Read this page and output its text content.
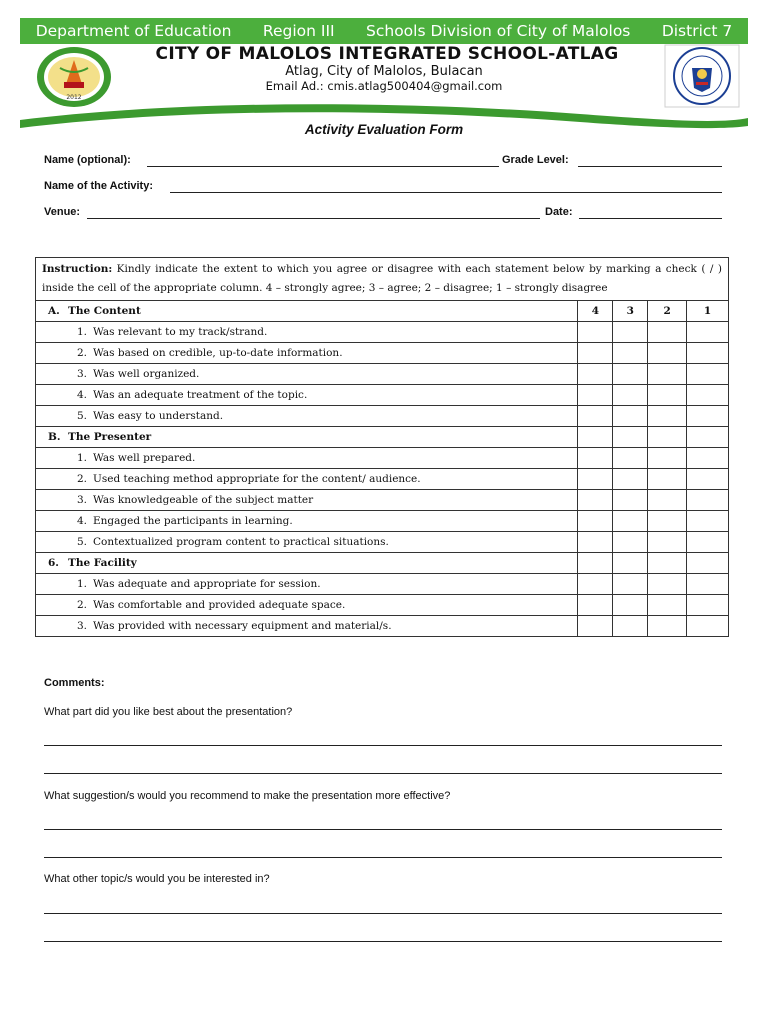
Department of Education Region III Schools Division of City of Malolos District 7
2012
CITY OF MALOLOS INTEGRATED SCHOOL-ATLAG
Atlag, City of Malolos, Bulacan
Email Ad.: cmis.atlag500404@gmail.com
Activity Evaluation Form
Name (optional):	Grade Level:
Name of the Activity:
Venue:	Date:
Instruction: Kindly indicate the extent to which you agree or disagree with each statement below by marking a check ( / ) inside the cell of the appropriate column. 4 – strongly agree; 3 – agree; 2 – disagree; 1 – strongly disagree				
A. The Content	4	3	2	1
1. Was relevant to my track/strand.				
2. Was based on credible, up-to-date information.				
3. Was well organized.				
4. Was an adequate treatment of the topic.				
5. Was easy to understand.				
B. The Presenter				
1. Was well prepared.				
2. Used teaching method appropriate for the content/ audience.				
3. Was knowledgeable of the subject matter				
4. Engaged the participants in learning.				
5. Contextualized program content to practical situations.				
6. The Facility				
1. Was adequate and appropriate for session.				
2. Was comfortable and provided adequate space.				
3. Was provided with necessary equipment and material/s.				
Comments:
What part did you like best about the presentation?
What suggestion/s would you recommend to make the presentation more effective?
What other topic/s would you be interested in?
